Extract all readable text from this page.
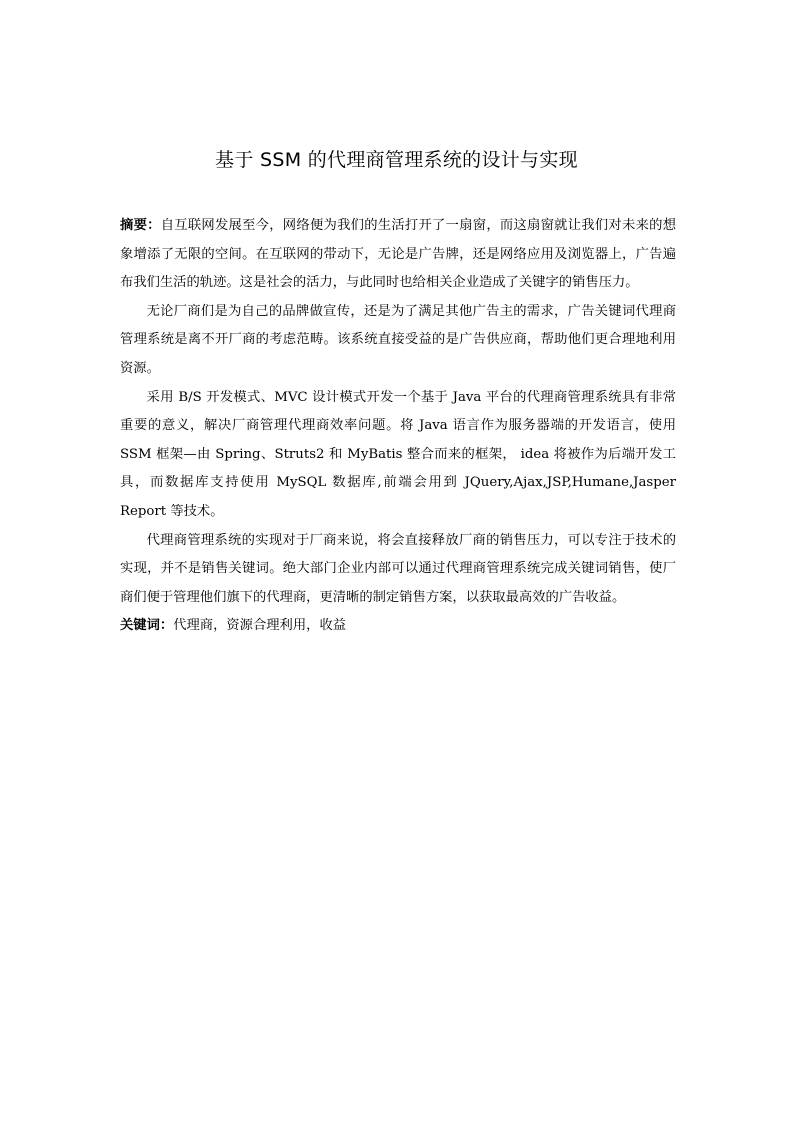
基于 SSM 的代理商管理系统的设计与实现

摘要：自互联网发展至今，网络便为我们的生活打开了一扇窗，而这扇窗就让我们对未来的想象增添了无限的空间。在互联网的带动下，无论是广告牌，还是网络应用及浏览器上，广告遍布我们生活的轨迹。这是社会的活力，与此同时也给相关企业造成了关键字的销售压力。

无论厂商们是为自己的品牌做宣传，还是为了满足其他广告主的需求，广告关键词代理商管理系统是离不开厂商的考虑范畴。该系统直接受益的是广告供应商，帮助他们更合理地利用资源。

采用 B/S 开发模式、MVC 设计模式开发一个基于 Java 平台的代理商管理系统具有非常重要的意义，解决厂商管理代理商效率问题。将 Java 语言作为服务器端的开发语言，使用 SSM 框架—由 Spring、Struts2 和 MyBatis 整合而来的框架， idea 将被作为后端开发工具，而数据库支持使用 MySQL 数据库,前端会用到 JQuery,Ajax,JSP,Humane,Jasper Report 等技术。

代理商管理系统的实现对于厂商来说，将会直接释放厂商的销售压力，可以专注于技术的实现，并不是销售关键词。绝大部门企业内部可以通过代理商管理系统完成关键词销售，使厂商们便于管理他们旗下的代理商，更清晰的制定销售方案，以获取最高效的广告收益。

关键词：代理商，资源合理利用，收益
